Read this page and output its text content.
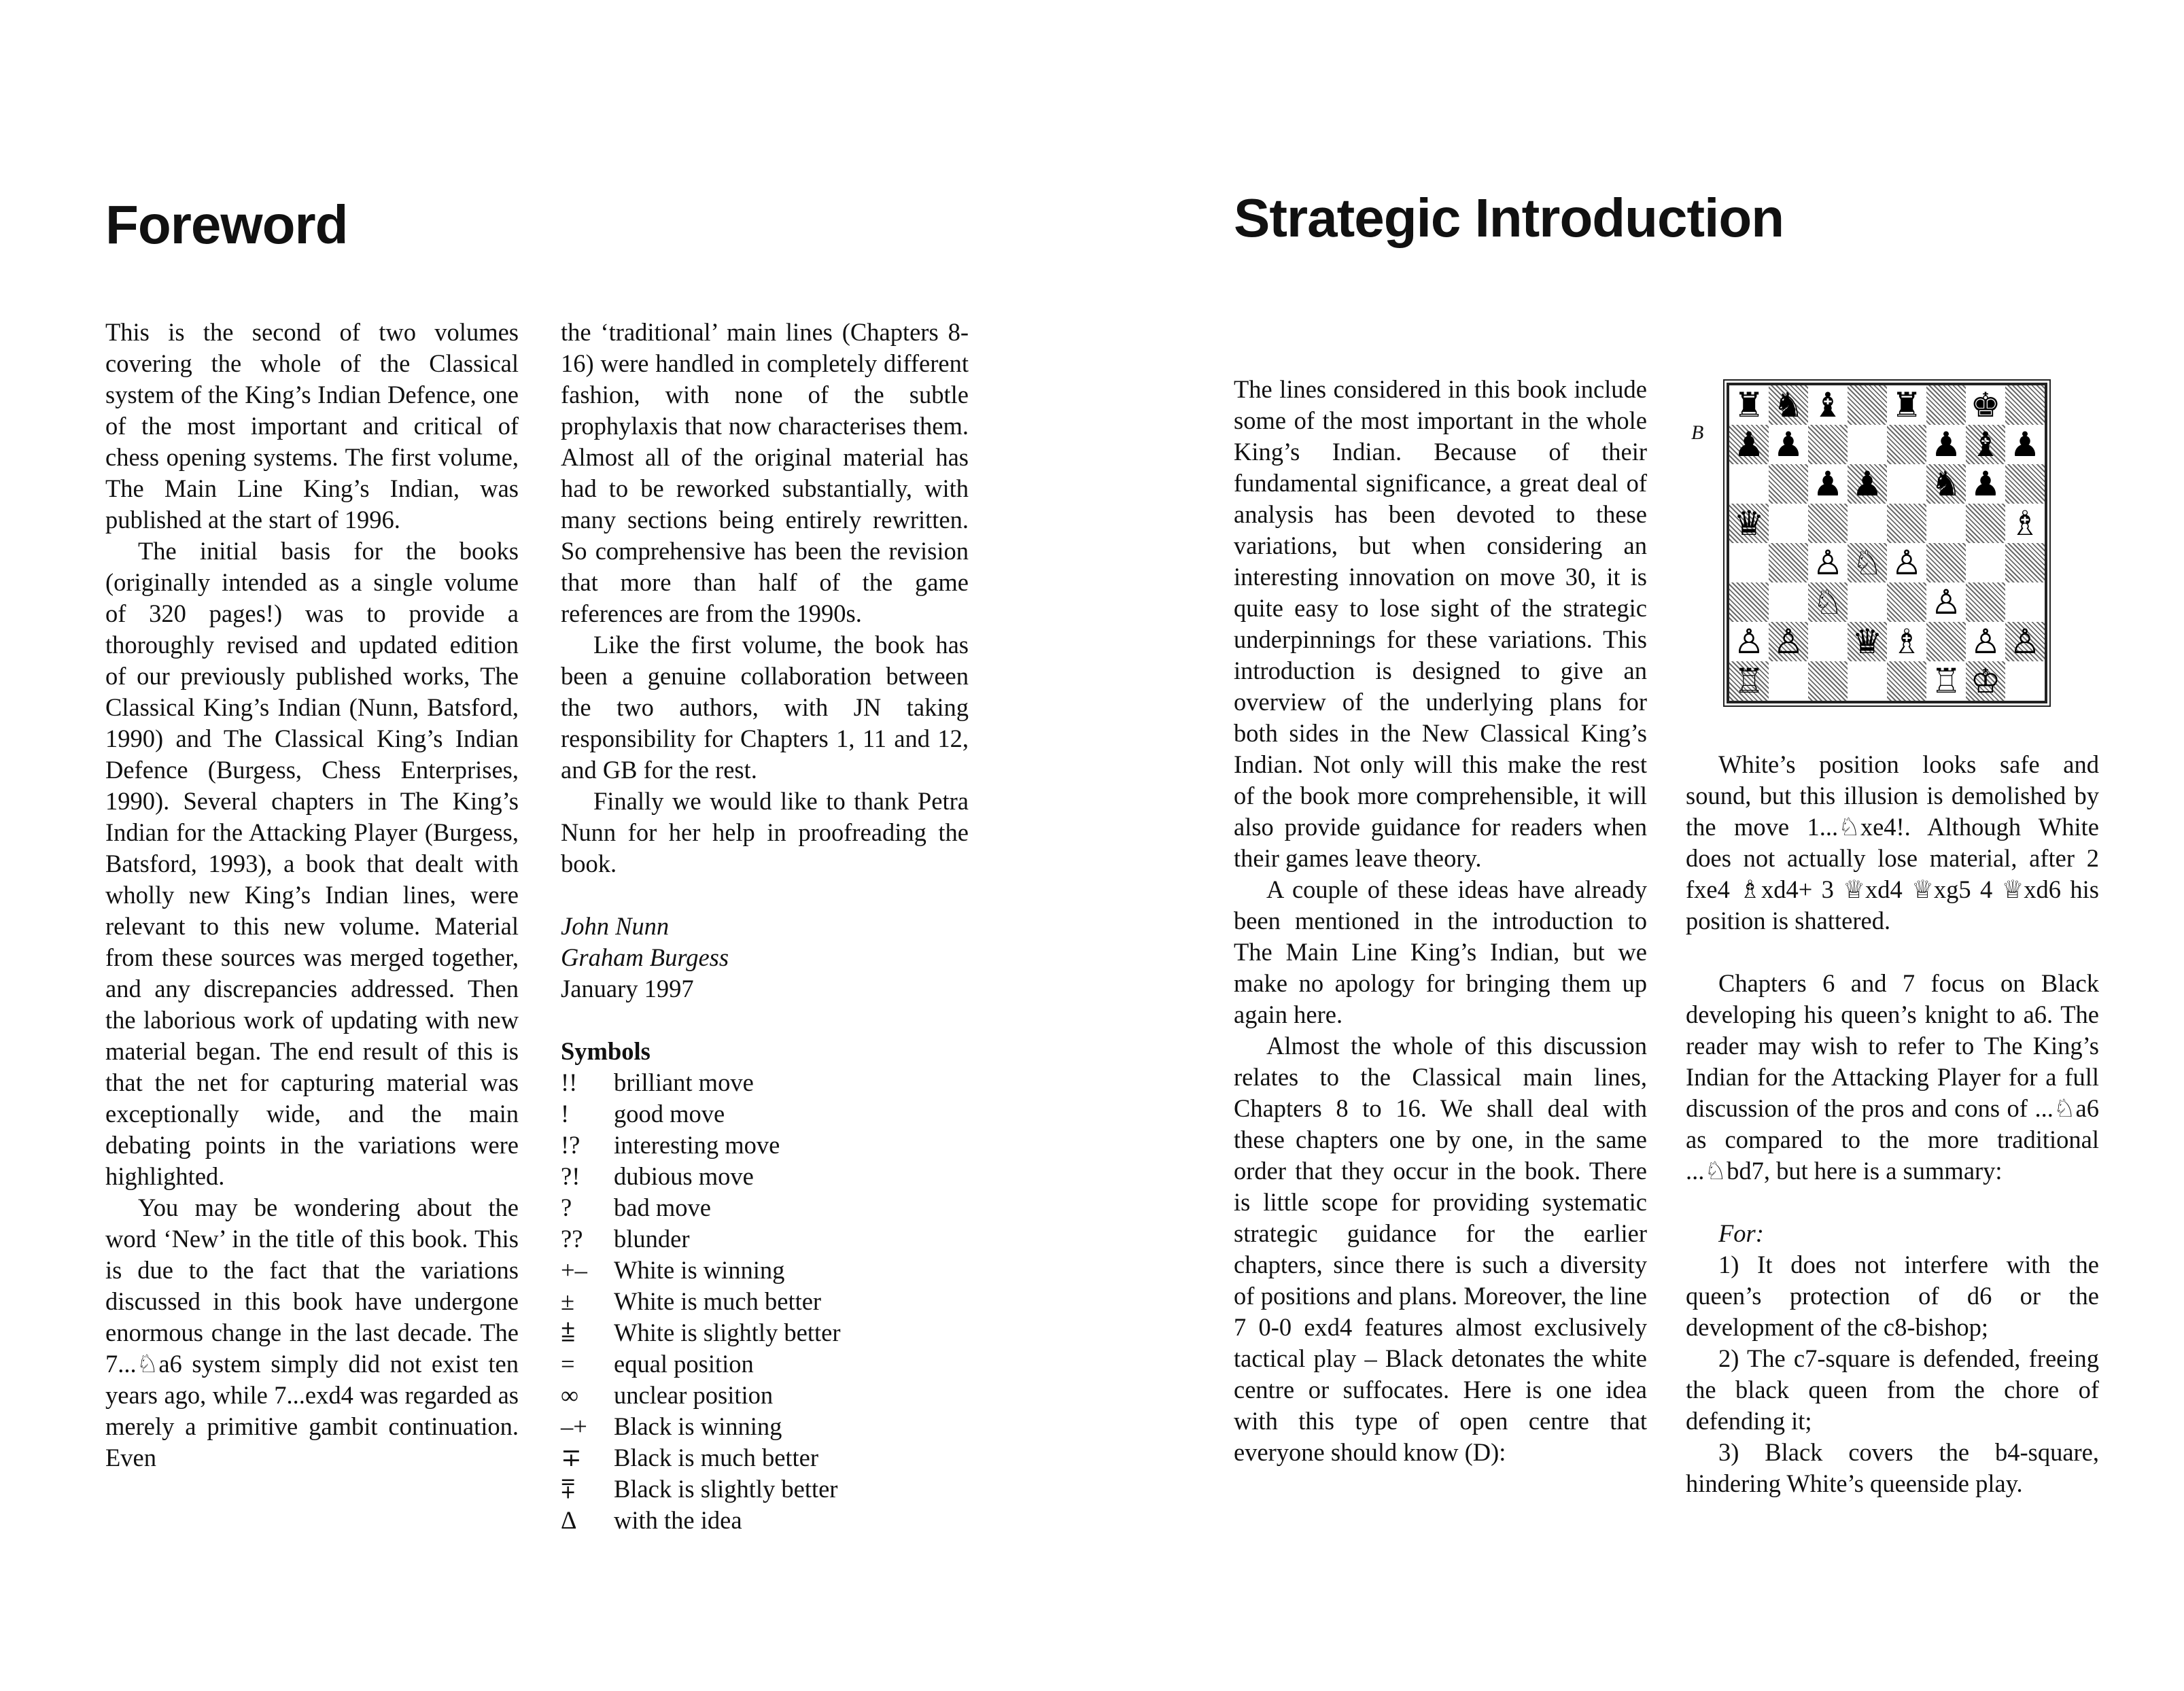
Foreword

This is the second of two volumes covering the whole of the Classical system of the King’s Indian Defence, one of the most important and critical of chess opening systems. The first volume, The Main Line King’s Indian, was published at the start of 1996.

The initial basis for the books (originally intended as a single volume of 320 pages!) was to provide a thoroughly revised and updated edition of our previously published works, The Classical King’s Indian (Nunn, Batsford, 1990) and The Classical King’s Indian Defence (Burgess, Chess Enterprises, 1990). Several chapters in The King’s Indian for the Attacking Player (Burgess, Batsford, 1993), a book that dealt with wholly new King’s Indian lines, were relevant to this new volume. Material from these sources was merged together, and any discrepancies addressed. Then the laborious work of updating with new material began. The end result of this is that the net for capturing material was exceptionally wide, and the main debating points in the variations were highlighted.

You may be wondering about the word ‘New’ in the title of this book. This is due to the fact that the variations discussed in this book have undergone enormous change in the last decade. The 7...♘a6 system simply did not exist ten years ago, while 7...exd4 was regarded as merely a primitive gambit continuation. Even

the ‘traditional’ main lines (Chapters 8-16) were handled in completely different fashion, with none of the subtle prophylaxis that now characterises them. Almost all of the original material has had to be reworked substantially, with many sections being entirely rewritten. So comprehensive has been the revision that more than half of the game references are from the 1990s.

Like the first volume, the book has been a genuine collaboration between the two authors, with JN taking responsibility for Chapters 1, 11 and 12, and GB for the rest.

Finally we would like to thank Petra Nunn for her help in proofreading the book.

John Nunn
Graham Burgess
January 1997
Symbols
!!	brilliant move
!	good move
!?	interesting move
?!	dubious move
?	bad move
??	blunder
+–	White is winning
±	White is much better
⩲	White is slightly better
=	equal position
∞	unclear position
–+	Black is winning
∓	Black is much better
⩱	Black is slightly better
Δ	with the idea
Strategic Introduction

The lines considered in this book include some of the most important in the whole King’s Indian. Because of their fundamental significance, a great deal of analysis has been devoted to these variations, but when considering an interesting innovation on move 30, it is quite easy to lose sight of the strategic underpinnings for these variations. This introduction is designed to give an overview of the underlying plans for both sides in the New Classical King’s Indian. Not only will this make the rest of the book more comprehensible, it will also provide guidance for readers when their games leave theory.

A couple of these ideas have already been mentioned in the introduction to The Main Line King’s Indian, but we make no apology for bringing them up again here.

Almost the whole of this discussion relates to the Classical main lines, Chapters 8 to 16. We shall deal with these chapters one by one, in the same order that they occur in the book. There is little scope for providing systematic strategic guidance for the earlier chapters, since there is such a diversity of positions and plans. Moreover, the line 7 0-0 exd4 features almost exclusively tactical play – Black detonates the white centre or suffocates. Here is one idea with this type of open centre that everyone should know (D):

B
♜ ♞ ♝ ♜ ♚
♟ ♟	♟ ♝ ♟
♟ ♟ ♞ ♟
♛	♗
♙ ♘ ♙
♘	♙
♙ ♙ ♛ ♗ ♙ ♙
♖	♖ ♔

White’s position looks safe and sound, but this illusion is demolished by the move 1...♘xe4!. Although White does not actually lose material, after 2 fxe4 ♗xd4+ 3 ♕xd4 ♕xg5 4 ♕xd6 his position is shattered.

Chapters 6 and 7 focus on Black developing his queen’s knight to a6. The reader may wish to refer to The King’s Indian for the Attacking Player for a full discussion of the pros and cons of ...♘a6 as compared to the more traditional ...♘bd7, but here is a summary:

For:

1) It does not interfere with the queen’s protection of d6 or the development of the c8-bishop;

2) The c7-square is defended, freeing the black queen from the chore of defending it;

3) Black covers the b4-square, hindering White’s queenside play.
